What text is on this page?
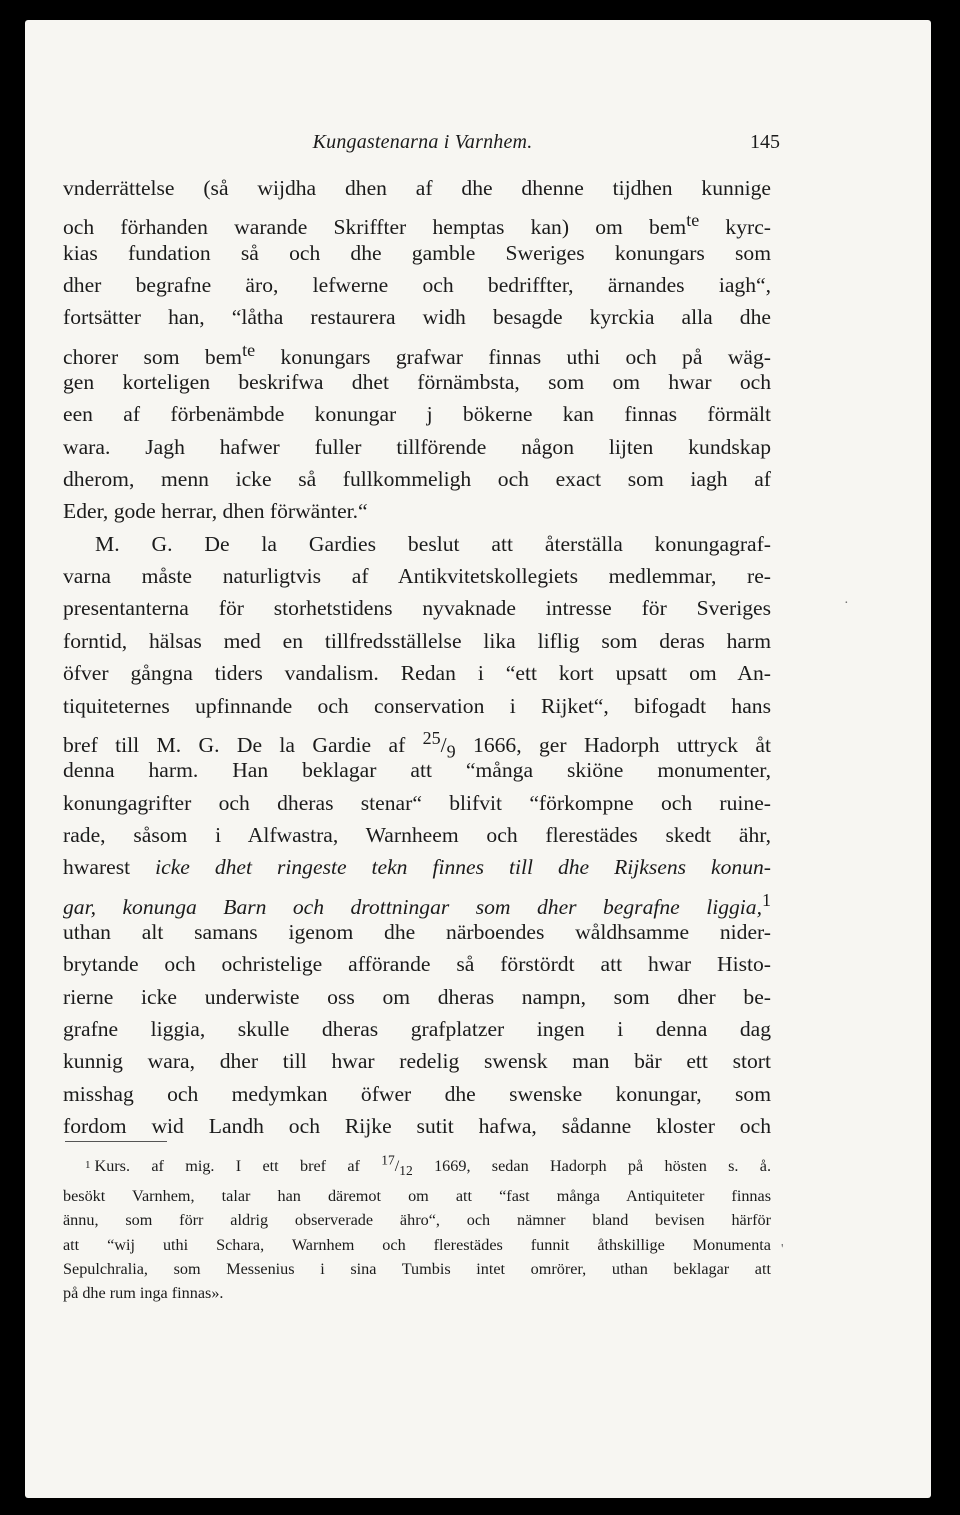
Kungastenarna i Varnhem.	145
vnderrättelse (så wijdha dhen af dhe dhenne tijdhen kunnige
och förhanden warande Skriffter hemptas kan) om bem$^{te}$ kyrc-
kias fundation så och dhe gamble Sweriges konungars som
dher begrafne äro, lefwerne och bedriffter, ärnandes iagh“,
fortsätter han, “låtha restaurera widh besagde kyrckia alla dhe
chorer som bem$^{te}$ konungars grafwar finnas uthi och på wäg-
gen korteligen beskrifwa dhet förnämbsta, som om hwar och
een af förbenämbde konungar j bökerne kan finnas förmält
wara. Jagh hafwer fuller tillförende någon lijten kundskap
dherom, menn icke så fullkommeligh och exact som iagh af
Eder, gode herrar, dhen förwänter.“
M. G. De la Gardies beslut att återställa konungagraf-
varna måste naturligtvis af Antikvitetskollegiets medlemmar, re-
presentanterna för storhetstidens nyvaknade intresse för Sveriges
forntid, hälsas med en tillfredsställelse lika liflig som deras harm
öfver gångna tiders vandalism. Redan i “ett kort upsatt om An-
tiquiteternes upfinnande och conservation i Rijket“, bifogadt hans
bref till M. G. De la Gardie af $^{25}/_9$ 1666, ger Hadorph uttryck åt
denna harm. Han beklagar att “många skiöne monumenter,
konungagrifter och dheras stenar“ blifvit “förkompne och ruine-
rade, såsom i Alfwastra, Warnheem och flerestädes skedt ähr,
hwarest icke dhet ringeste tekn finnes till dhe Rijksens konun-
gar, konunga Barn och drottningar som dher begrafne liggia,$^1$
uthan alt samans igenom dhe närboendes wåldhsamme nider-
brytande och ochristelige afförande så förstördt att hwar Histo-
rierne icke underwiste oss om dheras nampn, som dher be-
grafne liggia, skulle dheras grafplatzer ingen i denna dag
kunnig wara, dher till hwar redelig swensk man bär ett stort
misshag och medymkan öfwer dhe swenske konungar, som
fordom wid Landh och Rijke sutit hafwa, sådanne kloster och
1 Kurs. af mig. I ett bref af $^{17}/_{12}$ 1669, sedan Hadorph på hösten s. å.
besökt Varnhem, talar han däremot om att “fast många Antiquiteter finnas
ännu, som förr aldrig observerade ähro“, och nämner bland bevisen härför
att “wij uthi Schara, Warnhem och flerestädes funnit åthskillige Monumenta
Sepulchralia, som Messenius i sina Tumbis intet omrörer, uthan beklagar att
på dhe rum inga finnas».
·
'
